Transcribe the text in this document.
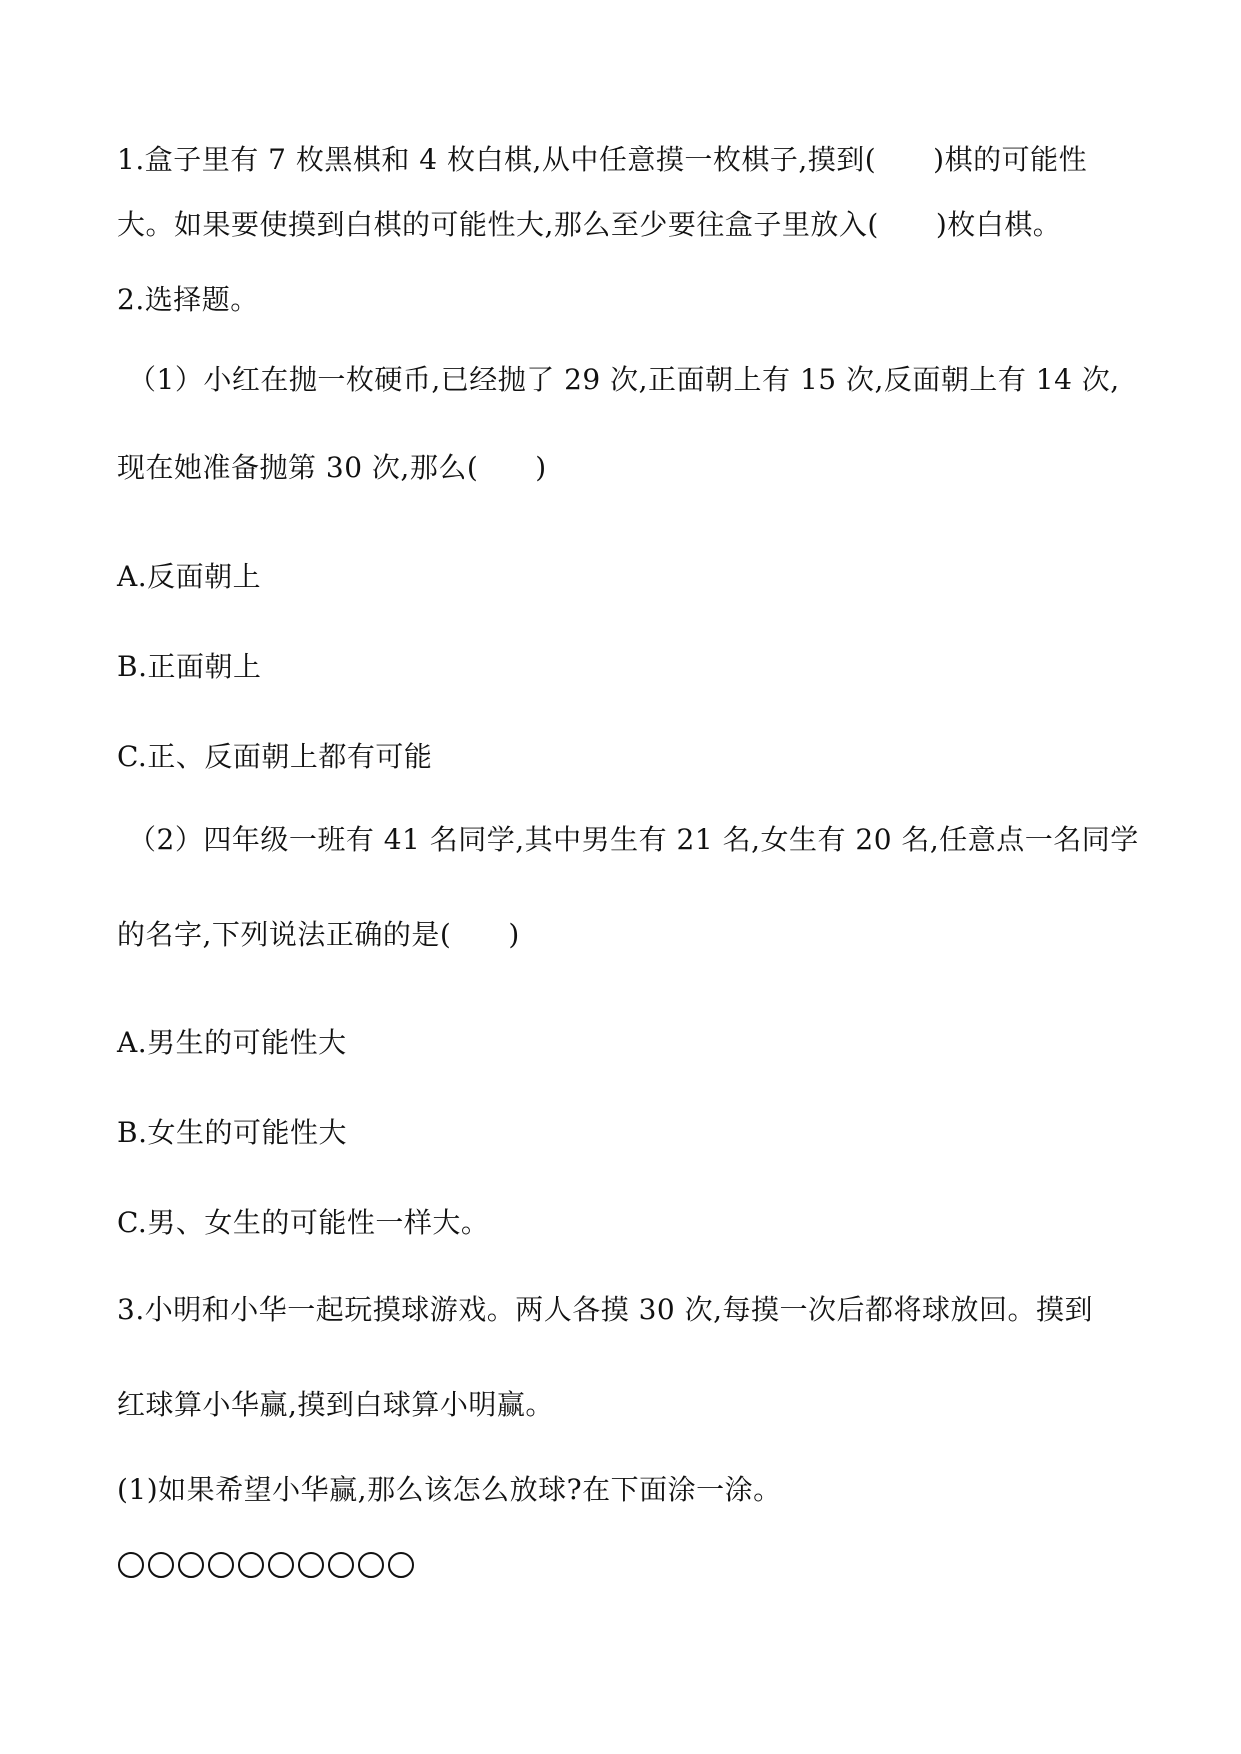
1.盒子里有 7 枚黑棋和 4 枚白棋,从中任意摸一枚棋子,摸到(　　)棋的可能性
大。如果要使摸到白棋的可能性大,那么至少要往盒子里放入(　　)枚白棋。
2.选择题。
（1）小红在抛一枚硬币,已经抛了 29 次,正面朝上有 15 次,反面朝上有 14 次,
现在她准备抛第 30 次,那么(　　)
A.反面朝上
B.正面朝上
C.正、反面朝上都有可能
（2）四年级一班有 41 名同学,其中男生有 21 名,女生有 20 名,任意点一名同学
的名字,下列说法正确的是(　　)
A.男生的可能性大
B.女生的可能性大
C.男、女生的可能性一样大。
3.小明和小华一起玩摸球游戏。两人各摸 30 次,每摸一次后都将球放回。摸到
红球算小华赢,摸到白球算小明赢。
(1)如果希望小华赢,那么该怎么放球?在下面涂一涂。
